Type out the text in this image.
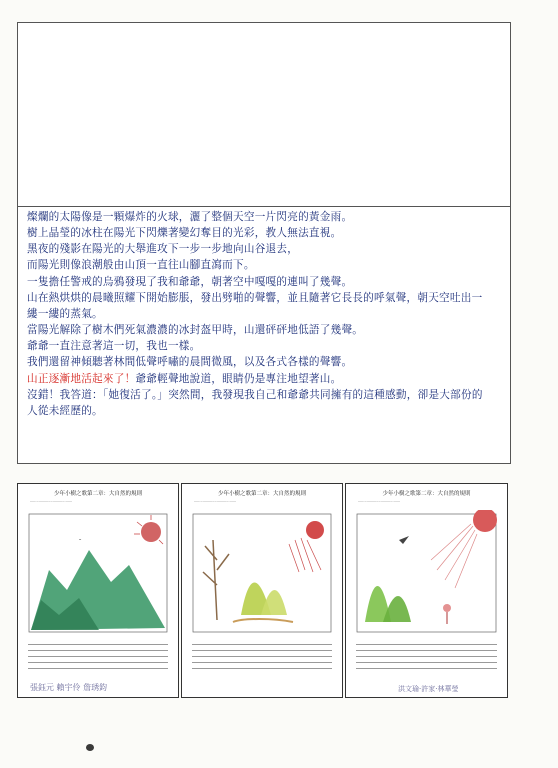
燦爛的太陽像是一顆爆炸的火球，灑了整個天空一片閃亮的黃金雨。
樹上晶瑩的冰柱在陽光下閃爍著變幻奪目的光彩，教人無法直視。
黑夜的殘影在陽光的大舉進攻下一步一步地向山谷退去，
而陽光則像浪潮般由山頂一直往山腳直瀉而下。
一隻擔任警戒的烏鴉發現了我和爺爺，朝著空中嘎嘎的連叫了幾聲。
山在熱烘烘的晨曦照耀下開始膨脹，發出劈啪的聲響，並且隨著它長長的呼氣聲，朝天空吐出一
縷一縷的蒸氣。
當陽光解除了樹木們死氣濃濃的冰封盔甲時，山還砰砰地低語了幾聲。
爺爺一直注意著這一切，我也一樣。
我們還留神傾聽著林間低聲呼嘯的晨間微風，以及各式各樣的聲響。
山正逐漸地活起來了！爺爺輕聲地說道，眼睛仍是專注地望著山。
沒錯！我答道：「她復活了。」突然間，我發現我自己和爺爺共同擁有的這種感動，卻是大部份的
人從未經歷的。
少年小樹之歌第二章：大自然的規則
·······································
ᵕ
張鈺元 賴宇伶 詹琇鈞
少年小樹之歌第二章：大自然的規則
·······································
少年小樹之歌第二章：大自然的規則
·······································
洪文瑜·許家·林華瑩
